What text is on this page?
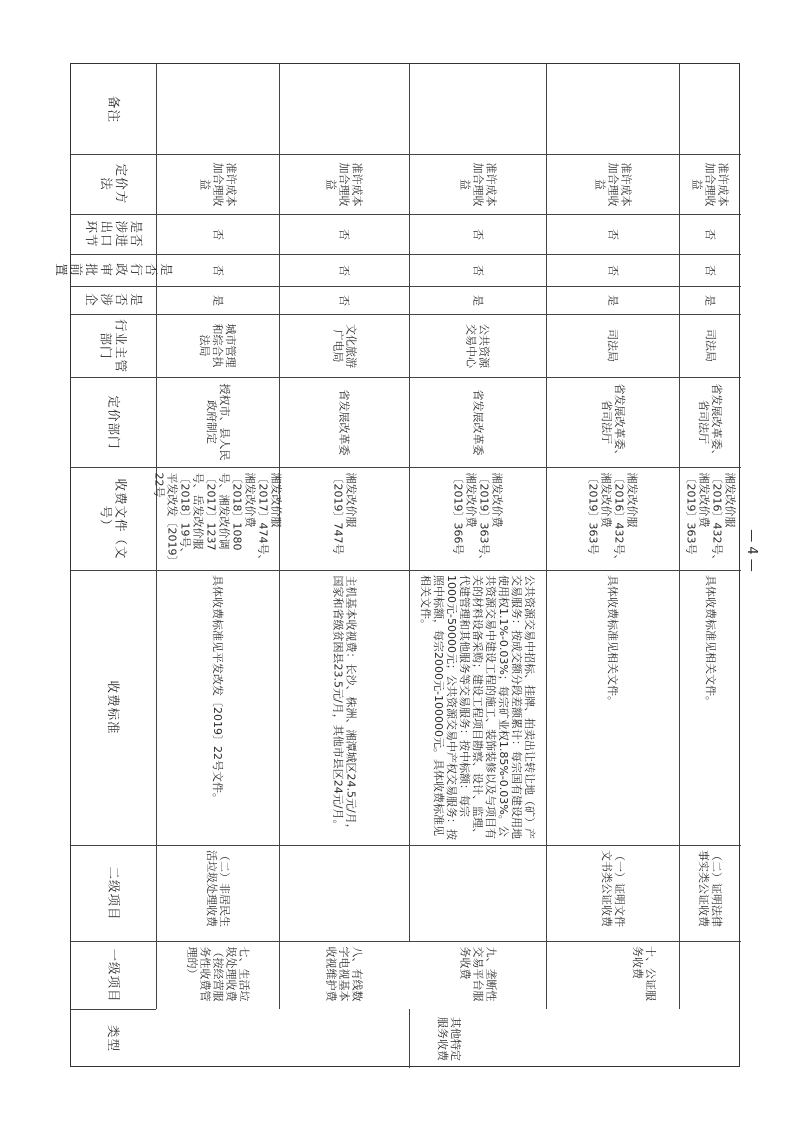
备注
定价方法
是否涉进出口环节
是否行政审批前置
是否涉企
行业主管部门
定价部门
收费文件（文号）
收费标准
二级项目
一级项目
类型
准许成本加合理收益
否
否
是
城市管理和综合执法局
授权市、县人民政府制定
湘发改价服〔2017〕474号、湘发改价费〔2018〕1080号、湘发改价调〔2017〕1237号、岳发改价服〔2018〕19号、平发改发〔2019〕22号
具体收费标准见平发改发〔2019〕22号文件。
（二）非居民生活垃圾处理收费
七、生活垃圾处理收费（按经营服务性收费管理的）
准许成本加合理收益
否
否
否
文化旅游广电局
省发展改革委
湘发改价服〔2019〕747号
主机基本收视费：长沙、株洲、湘潭城区24.5元/月，国家和省级贫困县23.5元/月，其他市县区24元/月。
八、有线数字电视基本收视维护费
准许成本加合理收益
否
否
是
公共资源交易中心
省发展改革委
湘发改价费〔2019〕363号、湘发改价费〔2019〕366号
公共资源交易中招标、挂牌、拍卖出让转让地（矿）产交易服务：按成交额分段差额累计：每宗国有建设用地使用权1.1%-0.03%；每宗矿业权1.85%-0.03%。公共资源交易中建设工程的施工、装饰装修以及与项目有关的材料设备采购；建设工程项目勘察、设计、监理、代建管理和其他服务等交易服务：按中标额：每宗1000元-50000元；公共资源交易中产权交易服务：按照中标额，每宗2000元-100000元。具体收费标准见相关文件。
九、垄断性交易平台服务收费
准许成本加合理收益
否
否
是
司法局
省发展改革委、省司法厅
湘发改价服〔2016〕432号、湘发改价费〔2019〕363号
具体收费标准见相关文件。
（一）证明文件文书类公证收费
十、公证服务收费
准许成本加合理收益
否
否
是
司法局
省发展改革委、省司法厅
湘发改价服〔2016〕432号、湘发改价费〔2019〕363号
具体收费标准见相关文件。
（二）证明法律事实类公证收费
其他特定服务收费
— 4 —
